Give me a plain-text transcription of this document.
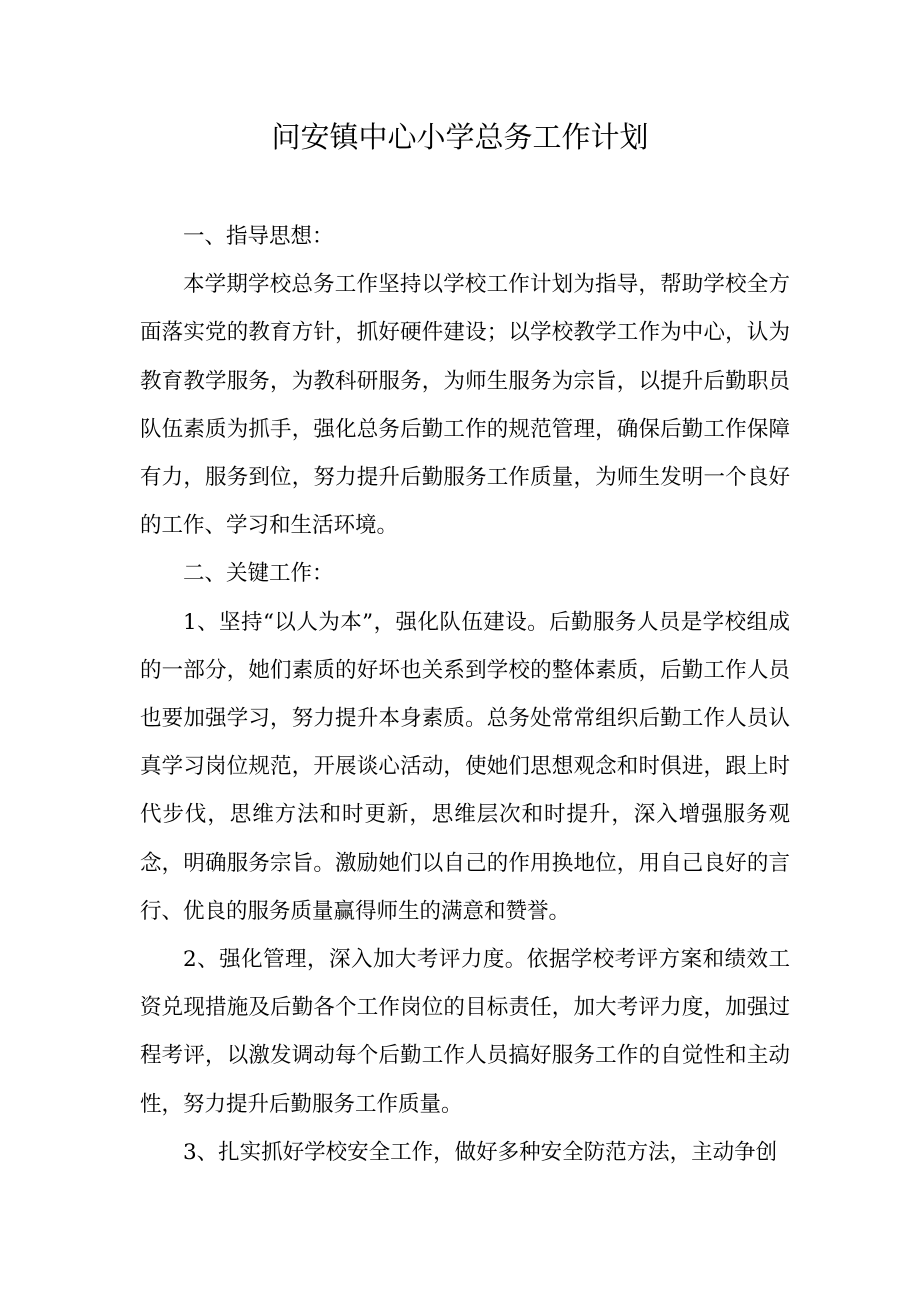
问安镇中心小学总务工作计划

一、指导思想：

本学期学校总务工作坚持以学校工作计划为指导，帮助学校全方面落实党的教育方针，抓好硬件建设；以学校教学工作为中心，认为教育教学服务，为教科研服务，为师生服务为宗旨，以提升后勤职员队伍素质为抓手，强化总务后勤工作的规范管理，确保后勤工作保障有力，服务到位，努力提升后勤服务工作质量，为师生发明一个良好的工作、学习和生活环境。

二、关键工作：

1、坚持“以人为本”，强化队伍建设。后勤服务人员是学校组成的一部分，她们素质的好坏也关系到学校的整体素质，后勤工作人员也要加强学习，努力提升本身素质。总务处常常组织后勤工作人员认真学习岗位规范，开展谈心活动，使她们思想观念和时俱进，跟上时代步伐，思维方法和时更新，思维层次和时提升，深入增强服务观念，明确服务宗旨。激励她们以自己的作用换地位，用自己良好的言行、优良的服务质量赢得师生的满意和赞誉。

2、强化管理，深入加大考评力度。依据学校考评方案和绩效工资兑现措施及后勤各个工作岗位的目标责任，加大考评力度，加强过程考评，以激发调动每个后勤工作人员搞好服务工作的自觉性和主动性，努力提升后勤服务工作质量。

3、扎实抓好学校安全工作，做好多种安全防范方法，主动争创
